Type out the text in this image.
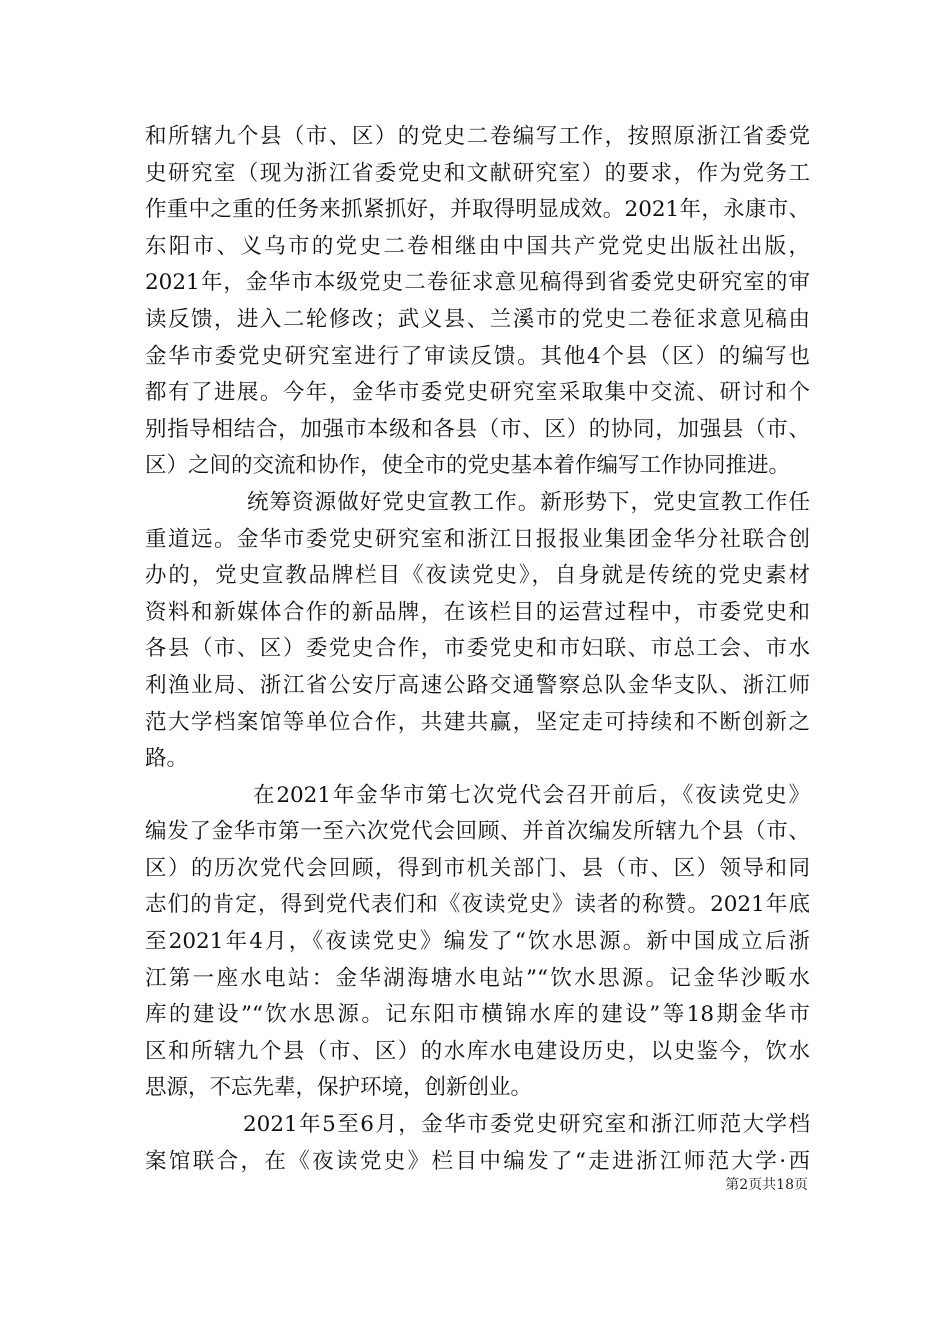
和所辖九个县（市、区）的党史二卷编写工作，按照原浙江省委党
史研究室（现为浙江省委党史和文献研究室）的要求，作为党务工
作重中之重的任务来抓紧抓好，并取得明显成效。2021年，永康市、
东阳市、义乌市的党史二卷相继由中国共产党党史出版社出版，
2021年，金华市本级党史二卷征求意见稿得到省委党史研究室的审
读反馈，进入二轮修改；武义县、兰溪市的党史二卷征求意见稿由
金华市委党史研究室进行了审读反馈。其他4个县（区）的编写也
都有了进展。今年，金华市委党史研究室采取集中交流、研讨和个
别指导相结合，加强市本级和各县（市、区）的协同，加强县（市、
区）之间的交流和协作，使全市的党史基本着作编写工作协同推进。
统筹资源做好党史宣教工作。新形势下，党史宣教工作任
重道远。金华市委党史研究室和浙江日报报业集团金华分社联合创
办的，党史宣教品牌栏目《夜读党史》，自身就是传统的党史素材
资料和新媒体合作的新品牌，在该栏目的运营过程中，市委党史和
各县（市、区）委党史合作，市委党史和市妇联、市总工会、市水
利渔业局、浙江省公安厅高速公路交通警察总队金华支队、浙江师
范大学档案馆等单位合作，共建共赢，坚定走可持续和不断创新之
路。
在2021年金华市第七次党代会召开前后，《夜读党史》
编发了金华市第一至六次党代会回顾、并首次编发所辖九个县（市、
区）的历次党代会回顾，得到市机关部门、县（市、区）领导和同
志们的肯定，得到党代表们和《夜读党史》读者的称赞。2021年底
至2021年4月，《夜读党史》编发了“饮水思源。新中国成立后浙
江第一座水电站：金华湖海塘水电站”“饮水思源。记金华沙畈水
库的建设”“饮水思源。记东阳市横锦水库的建设”等18期金华市
区和所辖九个县（市、区）的水库水电建设历史，以史鉴今，饮水
思源，不忘先辈，保护环境，创新创业。
2021年5至6月，金华市委党史研究室和浙江师范大学档
案馆联合，在《夜读党史》栏目中编发了“走进浙江师范大学·西
第2页共18页
